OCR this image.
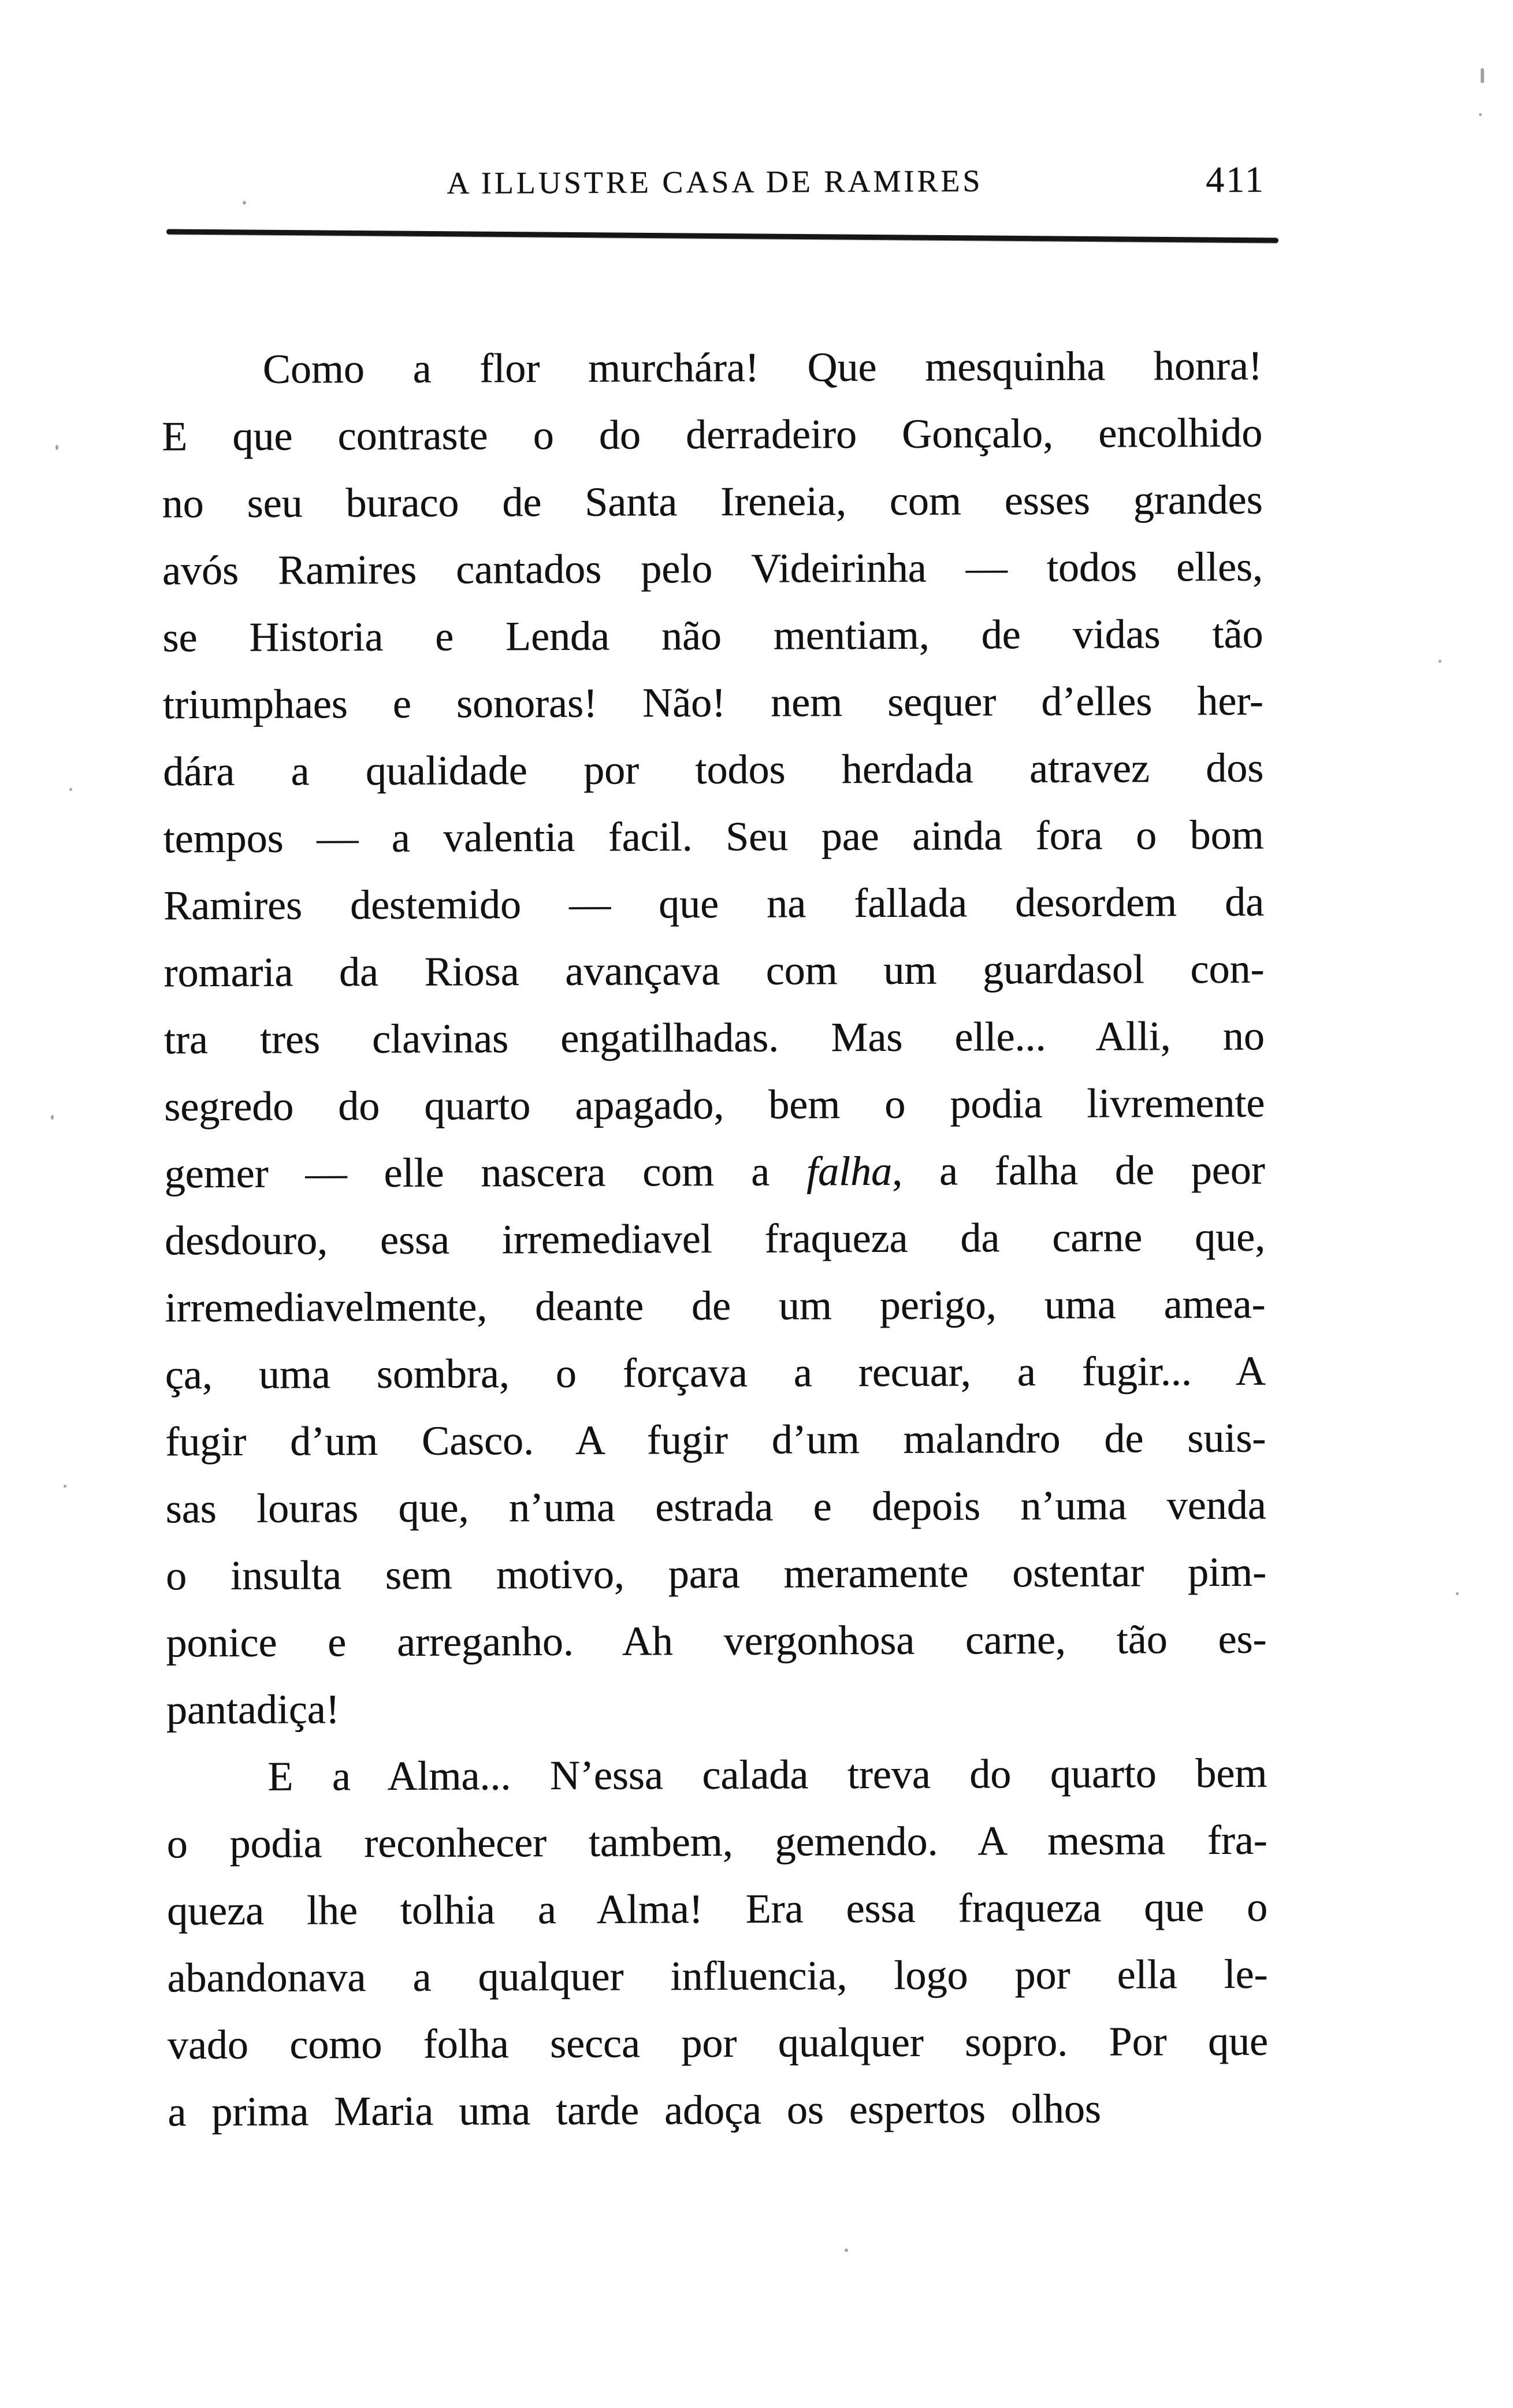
A ILLUSTRE CASA DE RAMIRES	411
Como a flor murchára! Que mesquinha honra!
E que contraste o do derradeiro Gonçalo, encolhido
no seu buraco de Santa Ireneia, com esses grandes
avós Ramires cantados pelo Videirinha — todos elles,
se Historia e Lenda não mentiam, de vidas tão
triumphaes e sonoras! Não! nem sequer d’elles her-
dára a qualidade por todos herdada atravez dos
tempos — a valentia facil. Seu pae ainda fora o bom
Ramires destemido — que na fallada desordem da
romaria da Riosa avançava com um guardasol con-
tra tres clavinas engatilhadas. Mas elle... Alli, no
segredo do quarto apagado, bem o podia livremente
gemer — elle nascera com a falha, a falha de peor
desdouro, essa irremediavel fraqueza da carne que,
irremediavelmente, deante de um perigo, uma amea-
ça, uma sombra, o forçava a recuar, a fugir... A
fugir d’um Casco. A fugir d’um malandro de suis-
sas louras que, n’uma estrada e depois n’uma venda
o insulta sem motivo, para meramente ostentar pim-
ponice e arreganho. Ah vergonhosa carne, tão es-
pantadiça!
E a Alma... N’essa calada treva do quarto bem
o podia reconhecer tambem, gemendo. A mesma fra-
queza lhe tolhia a Alma! Era essa fraqueza que o
abandonava a qualquer influencia, logo por ella le-
vado como folha secca por qualquer sopro. Por que
a prima Maria uma tarde adoça os espertos olhos
